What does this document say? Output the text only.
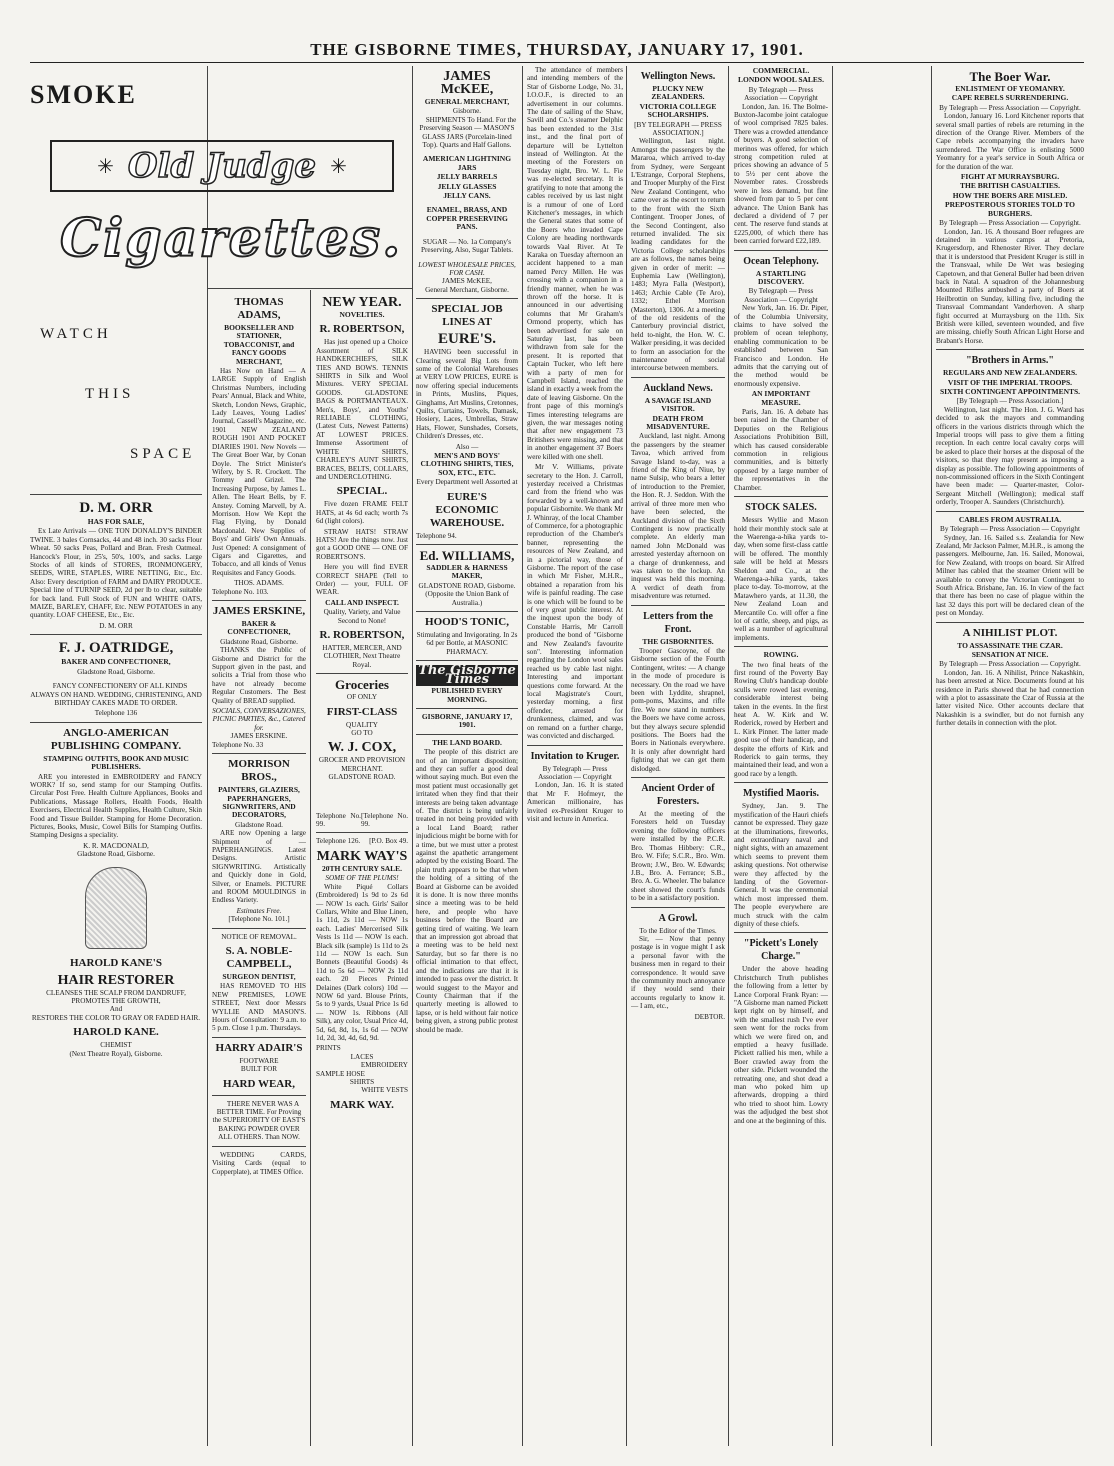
THE GISBORNE TIMES, THURSDAY, JANUARY 17, 1901.
SMOKE
✳ Old Judge ✳
Cigarettes.
WATCH
THIS
SPACE
D. M. ORR
HAS FOR SALE,
Ex Late Arrivals — ONE TON DONALDY'S BINDER TWINE. 3 bales Cornsacks, 44 and 48 inch. 30 sacks Flour Wheat. 50 sacks Peas, Pollard and Bran. Fresh Oatmeal. Hancock's Flour, in 25's, 50's, 100's, and sacks. Large Stocks of all kinds of STORES, IRONMONGERY, SEEDS, WIRE, STAPLES, WIRE NETTING, Etc., Etc. Also: Every description of FARM and DAIRY PRODUCE. Special line of TURNIP SEED, 2d per lb to clear, suitable for back land. Full Stock of FUN and WHITE OATS, MAIZE, BARLEY, CHAFF, Etc. NEW POTATOES in any quantity. LOAF CHEESE, Etc., Etc.
D. M. ORR
F. J. OATRIDGE,
BAKER AND CONFECTIONER,
Gladstone Road, Gisborne.
FANCY CONFECTIONERY OF ALL KINDS ALWAYS ON HAND. WEDDING, CHRISTENING, AND BIRTHDAY CAKES MADE TO ORDER.
Telephone 136
ANGLO-AMERICAN PUBLISHING COMPANY.
STAMPING OUTFITS, BOOK AND MUSIC PUBLISHERS.
ARE you interested in EMBROIDERY and FANCY WORK? If so, send stamp for our Stamping Outfits. Circular Post Free. Health Culture Appliances, Books and Publications, Massage Rollers, Health Foods, Health Exercisers, Electrical Health Supplies, Health Culture, Skin Food and Tissue Builder. Stamping for Home Decoration. Pictures, Books, Music, Cowel Bills for Stamping Outfits. Stamping Designs a speciality.
K. R. MACDONALD,
Gladstone Road, Gisborne.
HAROLD KANE'S
HAIR RESTORER
CLEANSES THE SCALP FROM DANDRUFF,
PROMOTES THE GROWTH,
And
RESTORES THE COLOR TO GRAY OR FADED HAIR.
HAROLD KANE.
CHEMIST
(Next Theatre Royal), Gisborne.
THOMAS ADAMS,
BOOKSELLER AND STATIONER, TOBACCONIST, and FANCY GOODS MERCHANT,
Has Now on Hand — A LARGE Supply of English Christmas Numbers, including Pears' Annual, Black and White, Sketch, London News, Graphic, Lady Leaves, Young Ladies' Journal, Cassell's Magazine, etc. 1901 NEW ZEALAND ROUGH 1901 AND POCKET DIARIES 1901. New Novels — The Great Boer War, by Conan Doyle. The Strict Minister's Wifery, by S. R. Crockett. The Tommy and Grizel. The Increasing Purpose, by James L. Allen. The Heart Bells, by F. Anstey. Coming Marvell, by A. Morrison. How We Kept the Flag Flying, by Donald Macdonald. New Supplies of Boys' and Girls' Own Annuals. Just Opened: A consignment of Cigars and Cigarettes, and Tobacco, and all kinds of Venus Requisites and Fancy Goods.
THOS. ADAMS.
Telephone No. 103.
JAMES ERSKINE,
BAKER & CONFECTIONER,
Gladstone Road, Gisborne.
THANKS the Public of Gisborne and District for the Support given in the past, and solicits a Trial from those who have not already become Regular Customers. The Best Quality of BREAD supplied.
SOCIALS, CONVERSAZIONES, PICNIC PARTIES, &c., Catered for.
JAMES ERSKINE.
Telephone No. 33
MORRISON BROS.,
PAINTERS, GLAZIERS, PAPERHANGERS, SIGNWRITERS, AND DECORATORS,
Gladstone Road.
ARE now Opening a large Shipment of — PAPERHANGINGS. Latest Designs. Artistic SIGNWRITING. Artistically and Quickly done in Gold, Silver, or Enamels. PICTURE and ROOM MOULDINGS in Endless Variety.
Estimates Free.
[Telephone No. 101.]
NOTICE OF REMOVAL.
S. A. NOBLE-CAMPBELL,
SURGEON DENTIST,
HAS REMOVED TO HIS NEW PREMISES, LOWE STREET, Next door Messrs WYLLIE AND MASON'S. Hours of Consultation: 9 a.m. to 5 p.m. Close 1 p.m. Thursdays.
HARRY ADAIR'S
FOOTWARE
BUILT FOR
HARD WEAR,
THERE NEVER WAS A BETTER TIME. For Proving the SUPERIORITY OF EAST'S BAKING POWDER OVER ALL OTHERS. Than NOW.
WEDDING CARDS, Visiting Cards (equal to Copperplate), at TIMES Office.
NEW YEAR.
NOVELTIES.
R. ROBERTSON,
Has just opened up a Choice Assortment of SILK HANDKERCHIEFS, SILK TIES AND BOWS. TENNIS SHIRTS in Silk and Wool Mixtures. VERY SPECIAL GOODS. GLADSTONE BAGS & PORTMANTEAUX. Men's, Boys', and Youths' RELIABLE CLOTHING, (Latest Cuts, Newest Patterns) AT LOWEST PRICES. Immense Assortment of WHITE SHIRTS, CHARLEY'S AUNT SHIRTS, BRACES, BELTS, COLLARS, and UNDERCLOTHING.
SPECIAL.
Five dozen FRAME FELT HATS, at 4s 6d each; worth 7s 6d (light colors).
STRAW HATS! STRAW HATS! Are the things now. Just got a GOOD ONE — ONE OF ROBERTSON'S.
Here you will find EVER CORRECT SHAPE (Tell to Order) — your, FULL OF WEAR.
CALL AND INSPECT.
Quality, Variety, and Value Second to None!
R. ROBERTSON,
HATTER, MERCER, AND CLOTHIER, Next Theatre Royal.
Groceries
OF ONLY
FIRST-CLASS
QUALITY
GO TO
W. J. COX,
GROCER AND PROVISION MERCHANT.
GLADSTONE ROAD.
Telephone No. 99.
[Telephone No. 99.
Telephone 126. [P.O. Box 49.
MARK WAY'S
20TH CENTURY SALE.
SOME OF THE PLUMS!
White Piqué Collars (Embroidered) 1s 9d to 2s 6d — NOW 1s each. Girls' Sailor Collars, White and Blue Linen, 1s 11d, 2s 11d — NOW 1s each. Ladies' Mercerised Silk Vests 1s 11d — NOW 1s each. Black silk (sample) 1s 11d to 2s 11d — NOW 1s each. Sun Bonnets (Beautiful Goods) 4s 11d to 5s 6d — NOW 2s 11d each. 20 Pieces Printed Delaines (Dark colors) 10d — NOW 6d yard. Blouse Prints, 5s to 9 yards, Usual Price 1s 6d — NOW 1s. Ribbons (All Silk), any color, Usual Price 4d, 5d, 6d, 8d, 1s, 1s 6d — NOW 1d, 2d, 3d, 4d, 6d, 9d.
PRINTS
LACES
EMBROIDERY
SAMPLE HOSE
SHIRTS
WHITE VESTS
MARK WAY.
JAMES McKEE,
GENERAL MERCHANT,
Gisborne.
SHIPMENTS To Hand. For the Preserving Season — MASON'S GLASS JARS (Porcelain-lined Top). Quarts and Half Gallons.
AMERICAN LIGHTNING JARS
JELLY BARRELS
JELLY GLASSES
JELLY CANS.
ENAMEL, BRASS, AND COPPER PRESERVING PANS.
SUGAR — No. 1a Company's Preserving, Also, Sugar Tablets.
LOWEST WHOLESALE PRICES, FOR CASH.
JAMES McKEE,
General Merchant, Gisborne.
SPECIAL JOB LINES AT
EURE'S.
HAVING been successful in Clearing several Big Lots from some of the Colonial Warehouses at VERY LOW PRICES, EURE is now offering special inducements in Prints, Muslins, Piques, Ginghams, Art Muslins, Cretonnes, Quilts, Curtains, Towels, Damask, Hosiery, Laces, Umbrellas, Straw Hats, Flower, Sunshades, Corsets, Children's Dresses, etc.
Also —
MEN'S AND BOYS' CLOTHING SHIRTS, TIES, SOX, ETC., ETC.
Every Department well Assorted at
EURE'S ECONOMIC WAREHOUSE.
Telephone 94.
Ed. WILLIAMS,
SADDLER & HARNESS MAKER,
GLADSTONE ROAD, Gisborne.
(Opposite the Union Bank of Australia.)
HOOD'S TONIC,
Stimulating and Invigorating. In 2s 6d per Bottle, at MASONIC PHARMACY.
The Gisborne Times
PUBLISHED EVERY MORNING.
GISBORNE, JANUARY 17, 1901.
THE LAND BOARD.
The people of this district are not of an important disposition; and they can suffer a good deal without saying much. But even the most patient must occasionally get irritated when they find that their interests are being taken advantage of. The district is being unfairly treated in not being provided with a local Land Board; rather injudicious might be borne with for a time, but we must utter a protest against the apathetic arrangement adopted by the existing Board. The plain truth appears to be that when the holding of a sitting of the Board at Gisborne can be avoided it is done. It is now three months since a meeting was to be held here, and people who have business before the Board are getting tired of waiting. We learn that an impression got abroad that a meeting was to be held next Saturday, but so far there is no official intimation to that effect, and the indications are that it is intended to pass over the district. It would suggest to the Mayor and County Chairman that if the quarterly meeting is allowed to lapse, or is held without fair notice being given, a strong public protest should be made.
The attendance of members and intending members of the Star of Gisborne Lodge, No. 31, I.O.O.F., is directed to an advertisement in our columns. The date of sailing of the Shaw, Savill and Co.'s steamer Delphic has been extended to the 31st inst., and the final port of departure will be Lyttelton instead of Wellington. At the meeting of the Foresters on Tuesday night, Bro. W. L. Fie was re-elected secretary. It is gratifying to note that among the cables received by us last night is a rumour of one of Lord Kitchener's messages, in which the General states that some of the Boers who invaded Cape Colony are heading northwards towards Vaal River. At Te Karaka on Tuesday afternoon an accident happened to a man named Percy Millen. He was crossing with a companion in a friendly manner, when he was thrown off the horse. It is announced in our advertising columns that Mr Graham's Ormond property, which has been advertised for sale on Saturday last, has been withdrawn from sale for the present. It is reported that Captain Tucker, who left here with a party of men for Campbell Island, reached the island in exactly a week from the date of leaving Gisborne. On the front page of this morning's Times interesting telegrams are given, the war messages noting that after new engagement 73 Britishers were missing, and that in another engagement 37 Boers were killed with one shell.
Mr V. Williams, private secretary to the Hon. J. Carroll, yesterday received a Christmas card from the friend who was forwarded by a well-known and popular Gisbornite. We thank Mr J. Whinray, of the local Chamber of Commerce, for a photographic reproduction of the Chamber's banner, representing the resources of New Zealand, and in a pictorial way, those of Gisborne. The report of the case in which Mr Fisher, M.H.R., obtained a reparation from his wife is painful reading. The case is one which will be found to be of very great public interest. At the inquest upon the body of Constable Harris, Mr Carroll produced the bond of "Gisborne and New Zealand's favourite son". Interesting information regarding the London wool sales reached us by cable last night. Interesting and important questions come forward. At the local Magistrate's Court, yesterday morning, a first offender, arrested for drunkenness, claimed, and was on remand on a further charge, was convicted and discharged.
Invitation to Kruger.
By Telegraph — Press Association — Copyright
London, Jan. 16. It is stated that Mr F. Hofmeyr, the American millionaire, has invited ex-President Kruger to visit and lecture in America.
Wellington News.
PLUCKY NEW ZEALANDERS.
VICTORIA COLLEGE SCHOLARSHIPS.
[BY TELEGRAPH — PRESS ASSOCIATION.]
Wellington, last night. Amongst the passengers by the Mararoa, which arrived to-day from Sydney, were Sergeant L'Estrange, Corporal Stephens, and Trooper Murphy of the First New Zealand Contingent, who came over as the escort to return to the front with the Sixth Contingent. Trooper Jones, of the Second Contingent, also returned invalided. The six leading candidates for the Victoria College scholarships are as follows, the names being given in order of merit: — Euphemia Law (Wellington), 1483; Myra Falla (Westport), 1463; Archie Cable (Te Aro), 1332; Ethel Morrison (Masterton), 1306. At a meeting of the old residents of the Canterbury provincial district, held to-night, the Hon. W. C. Walker presiding, it was decided to form an association for the maintenance of social intercourse between members.
Auckland News.
A SAVAGE ISLAND VISITOR.
DEATH FROM MISADVENTURE.
Auckland, last night. Among the passengers by the steamer Tavoa, which arrived from Savage Island to-day, was a friend of the King of Niue, by name Sulsip, who bears a letter of introduction to the Premier, the Hon. R. J. Seddon. With the arrival of three more men who have been selected, the Auckland division of the Sixth Contingent is now practically complete. An elderly man named John McDonald was arrested yesterday afternoon on a charge of drunkenness, and was taken to the lockup. An inquest was held this morning. A verdict of death from misadventure was returned.
Letters from the Front.
THE GISBORNITES.
Trooper Gascoyne, of the Gisborne section of the Fourth Contingent, writes: — A change in the mode of procedure is necessary. On the road we have been with Lyddite, shrapnel, pom-poms, Maxims, and rifle fire. We now stand in numbers the Boers we have come across, but they always secure splendid positions. The Boers had the Boers in Nationals everywhere. It is only after downright hard fighting that we can get them dislodged.
Ancient Order of Foresters.
At the meeting of the Foresters held on Tuesday evening the following officers were installed by the P.C.R. Bro. Thomas Hibbery: C.R., Bro. W. Fife; S.C.R., Bro. Wm. Brown; J.W., Bro. W. Edwards; J.B., Bro. A. Ferrance; S.B., Bro. A. G. Wheeler. The balance sheet showed the court's funds to be in a satisfactory position.
A Growl.
To the Editor of the Times.
Sir, — Now that penny postage is in vogue might I ask a personal favor with the business men in regard to their correspondence. It would save the community much annoyance if they would send their accounts regularly to know it. — I am, etc.,
DEBTOR.
COMMERCIAL.
LONDON WOOL SALES.
By Telegraph — Press Association — Copyright
London, Jan. 16. The Bolme-Buxton-Jacombe joint catalogue of wool comprised 7825 bales. There was a crowded attendance of buyers. A good selection of merinos was offered, for which strong competition ruled at prices showing an advance of 5 to 5½ per cent above the November rates. Crossbreds were in less demand, but fine showed from par to 5 per cent advance. The Union Bank has declared a dividend of 7 per cent. The reserve fund stands at £225,000, of which there has been carried forward £22,189.
Ocean Telephony.
A STARTLING DISCOVERY.
By Telegraph — Press Association — Copyright
New York, Jan. 16. Dr. Piper, of the Columbia University, claims to have solved the problem of ocean telephony, enabling communication to be established between San Francisco and London. He admits that the carrying out of the method would be enormously expensive.
AN IMPORTANT MEASURE.
Paris, Jan. 16. A debate has been raised in the Chamber of Deputies on the Religious Associations Prohibition Bill, which has caused considerable commotion in religious communities, and is bitterly opposed by a large number of the representatives in the Chamber.
STOCK SALES.
Messrs Wyllie and Mason hold their monthly stock sale at the Waerenga-a-hika yards to-day, when some first-class cattle will be offered. The monthly sale will be held at Messrs Sheldon and Co., at the Waerenga-a-hika yards, takes place to-day. To-morrow, at the Matawhero yards, at 11.30, the New Zealand Loan and Mercantile Co. will offer a fine lot of cattle, sheep, and pigs, as well as a number of agricultural implements.
ROWING.
The two final heats of the first round of the Poverty Bay Rowing Club's handicap double sculls were rowed last evening, considerable interest being taken in the events. In the first heat A. W. Kirk and W. Roderick, rowed by Herbert and L. Kirk Pinner. The latter made good use of their handicap, and despite the efforts of Kirk and Roderick to gain terms, they maintained their lead, and won a good race by a length.
Mystified Maoris.
Sydney, Jan. 9. The mystification of the Hauri chiefs cannot be expressed. They gaze at the illuminations, fireworks, and extraordinary naval and night sights, with an amazement which seems to prevent them asking questions. Not otherwise were they affected by the landing of the Governor-General. It was the ceremonial which most impressed them. The people everywhere are much struck with the calm dignity of these chiefs.
"Pickett's Lonely Charge."
Under the above heading Christchurch Truth publishes the following from a letter by Lance Corporal Frank Ryan: — "A Gisborne man named Pickett kept right on by himself, and with the smallest rush I've ever seen went for the rocks from which we were fired on, and emptied a heavy fusillade. Pickett rallied his men, while a Boer crawled away from the other side. Pickett wounded the retreating one, and shot dead a man who poked him up afterwards, dropping a third who tried to shoot him. Lowry was the adjudged the best shot and one at the beginning of this.
The Boer War.
ENLISTMENT OF YEOMANRY.
CAPE REBELS SURRENDERING.
By Telegraph — Press Association — Copyright.
London, January 16. Lord Kitchener reports that several small parties of rebels are returning in the direction of the Orange River. Members of the Cape rebels accompanying the invaders have surrendered. The War Office is enlisting 5000 Yeomanry for a year's service in South Africa or for the duration of the war.
FIGHT AT MURRAYSBURG.
THE BRITISH CASUALTIES.
HOW THE BOERS ARE MISLED.
PREPOSTEROUS STORIES TOLD TO BURGHERS.
By Telegraph — Press Association — Copyright.
London, Jan. 16. A thousand Boer refugees are detained in various camps at Pretoria, Krugersdorp, and Rhenoster River. They declare that it is understood that President Kruger is still in the Transvaal, while De Wet was besieging Capetown, and that General Buller had been driven back in Natal. A squadron of the Johannesburg Mounted Rifles ambushed a party of Boers at Heilbrottin on Sunday, killing five, including the Transvaal Commandant Vanderhoven. A sharp fight occurred at Murraysburg on the 11th. Six British were killed, seventeen wounded, and five are missing, chiefly South African Light Horse and Brabant's Horse.
"Brothers in Arms."
REGULARS AND NEW ZEALANDERS.
VISIT OF THE IMPERIAL TROOPS.
SIXTH CONTINGENT APPOINTMENTS.
[By Telegraph — Press Association.]
Wellington, last night. The Hon. J. G. Ward has decided to ask the mayors and commanding officers in the various districts through which the Imperial troops will pass to give them a fitting reception. In each centre local cavalry corps will be asked to place their horses at the disposal of the visitors, so that they may present as imposing a display as possible. The following appointments of non-commissioned officers in the Sixth Contingent have been made: — Quarter-master, Color-Sergeant Mitchell (Wellington); medical staff orderly, Trooper A. Saunders (Christchurch).
CABLES FROM AUSTRALIA.
By Telegraph — Press Association — Copyright
Sydney, Jan. 16. Sailed s.s. Zealandia for New Zealand, Mr Jackson Palmer, M.H.R., is among the passengers. Melbourne, Jan. 16. Sailed, Monowai, for New Zealand, with troops on board. Sir Alfred Milner has cabled that the steamer Orient will be available to convey the Victorian Contingent to South Africa. Brisbane, Jan. 16. In view of the fact that there has been no case of plague within the last 32 days this port will be declared clean of the pest on Monday.
A NIHILIST PLOT.
TO ASSASSINATE THE CZAR.
SENSATION AT NICE.
By Telegraph — Press Association — Copyright.
London, Jan. 16. A Nihilist, Prince Nakashkin, has been arrested at Nice. Documents found at his residence in Paris showed that he had connection with a plot to assassinate the Czar of Russia at the latter visited Nice. Other accounts declare that Nakashkin is a swindler, but do not furnish any further details in connection with the plot.
